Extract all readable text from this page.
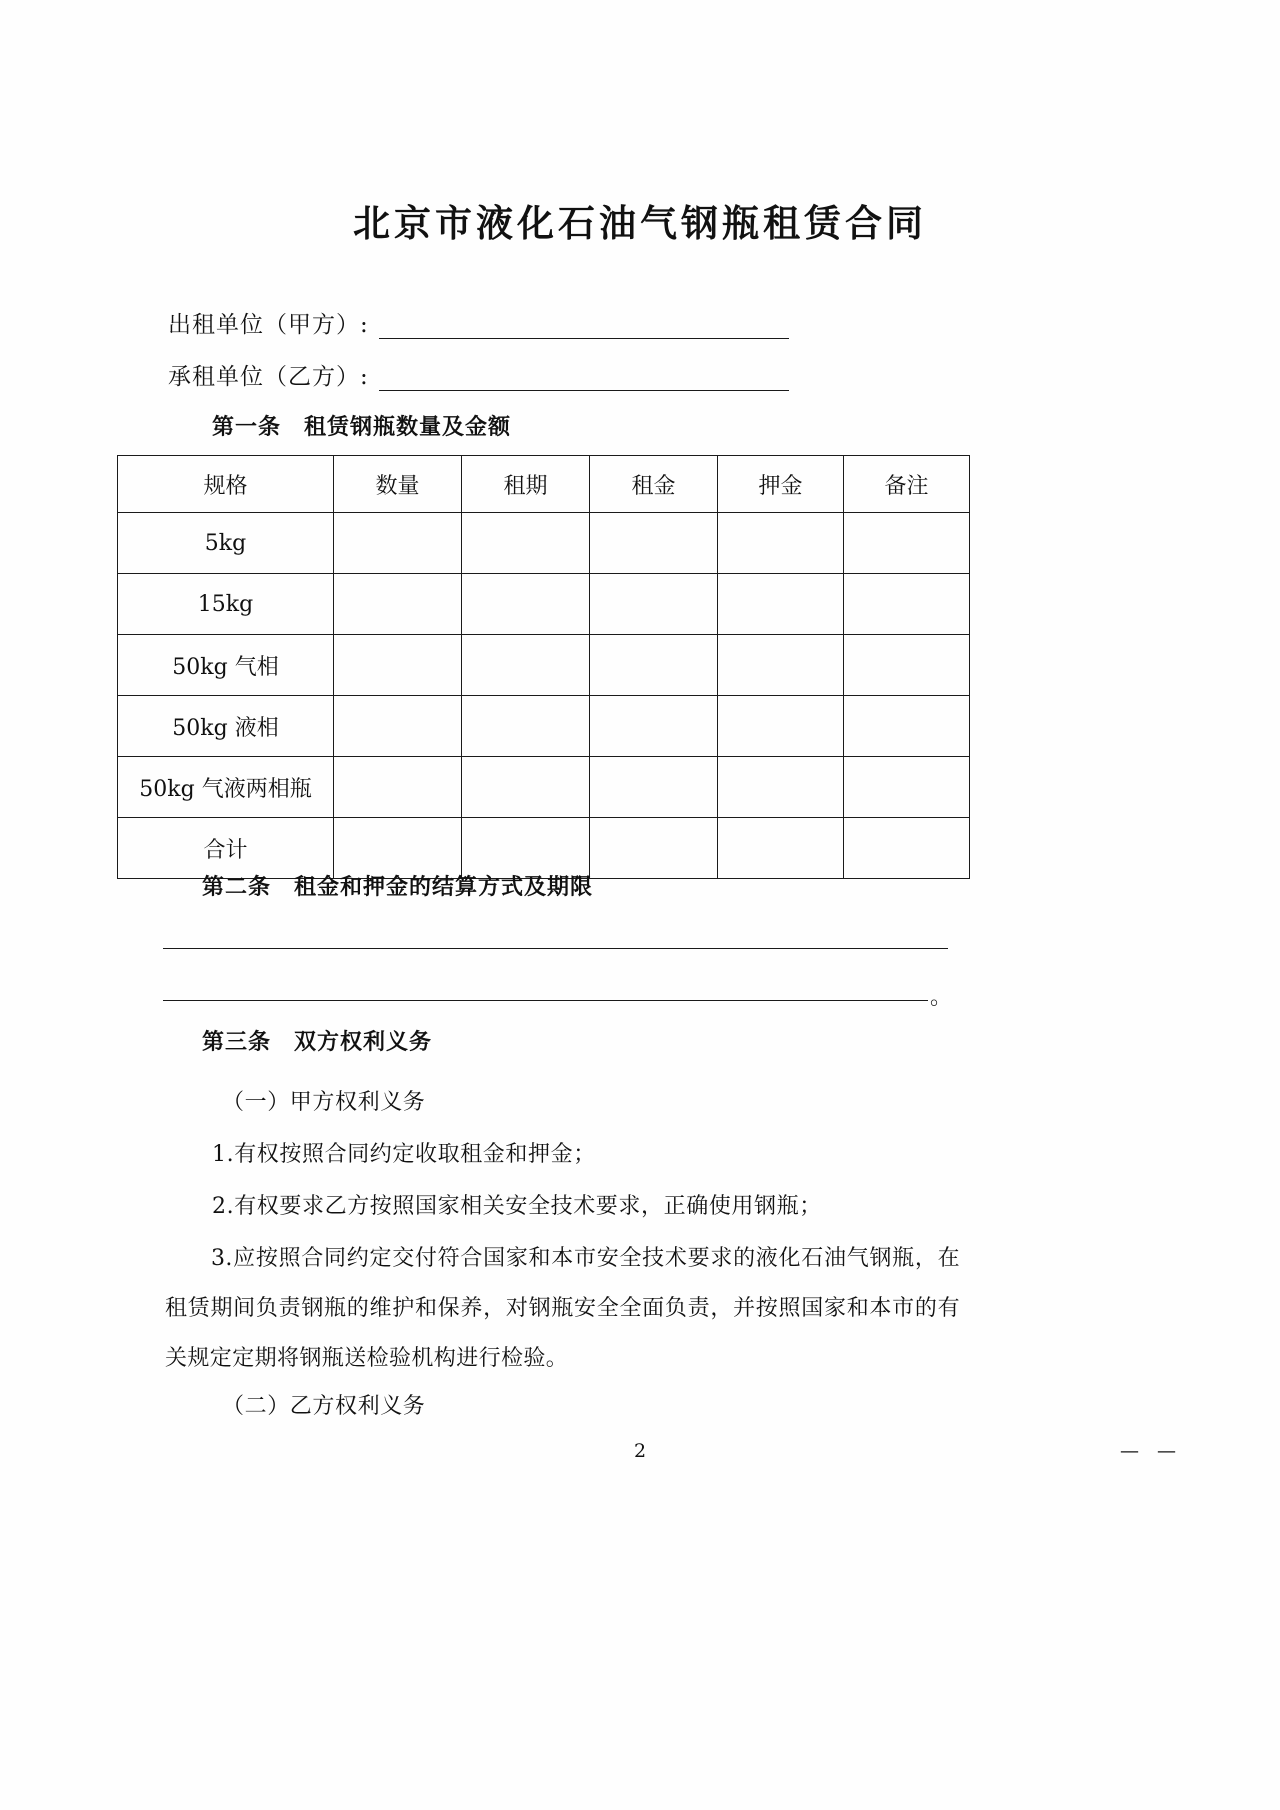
北京市液化石油气钢瓶租赁合同
出租单位（甲方）:
承租单位（乙方）:
第一条　租赁钢瓶数量及金额
规格	数量	租期	租金	押金	备注
5kg					
15kg					
50kg 气相					
50kg 液相					
50kg 气液两相瓶					
合计					
第二条　租金和押金的结算方式及期限
。
第三条　双方权利义务
（一）甲方权利义务
1.有权按照合同约定收取租金和押金；
2.有权要求乙方按照国家相关安全技术要求，正确使用钢瓶；
3.应按照合同约定交付符合国家和本市安全技术要求的液化石油气钢瓶，在租赁期间负责钢瓶的维护和保养，对钢瓶安全全面负责，并按照国家和本市的有关规定定期将钢瓶送检验机构进行检验。
（二）乙方权利义务
2	— —
